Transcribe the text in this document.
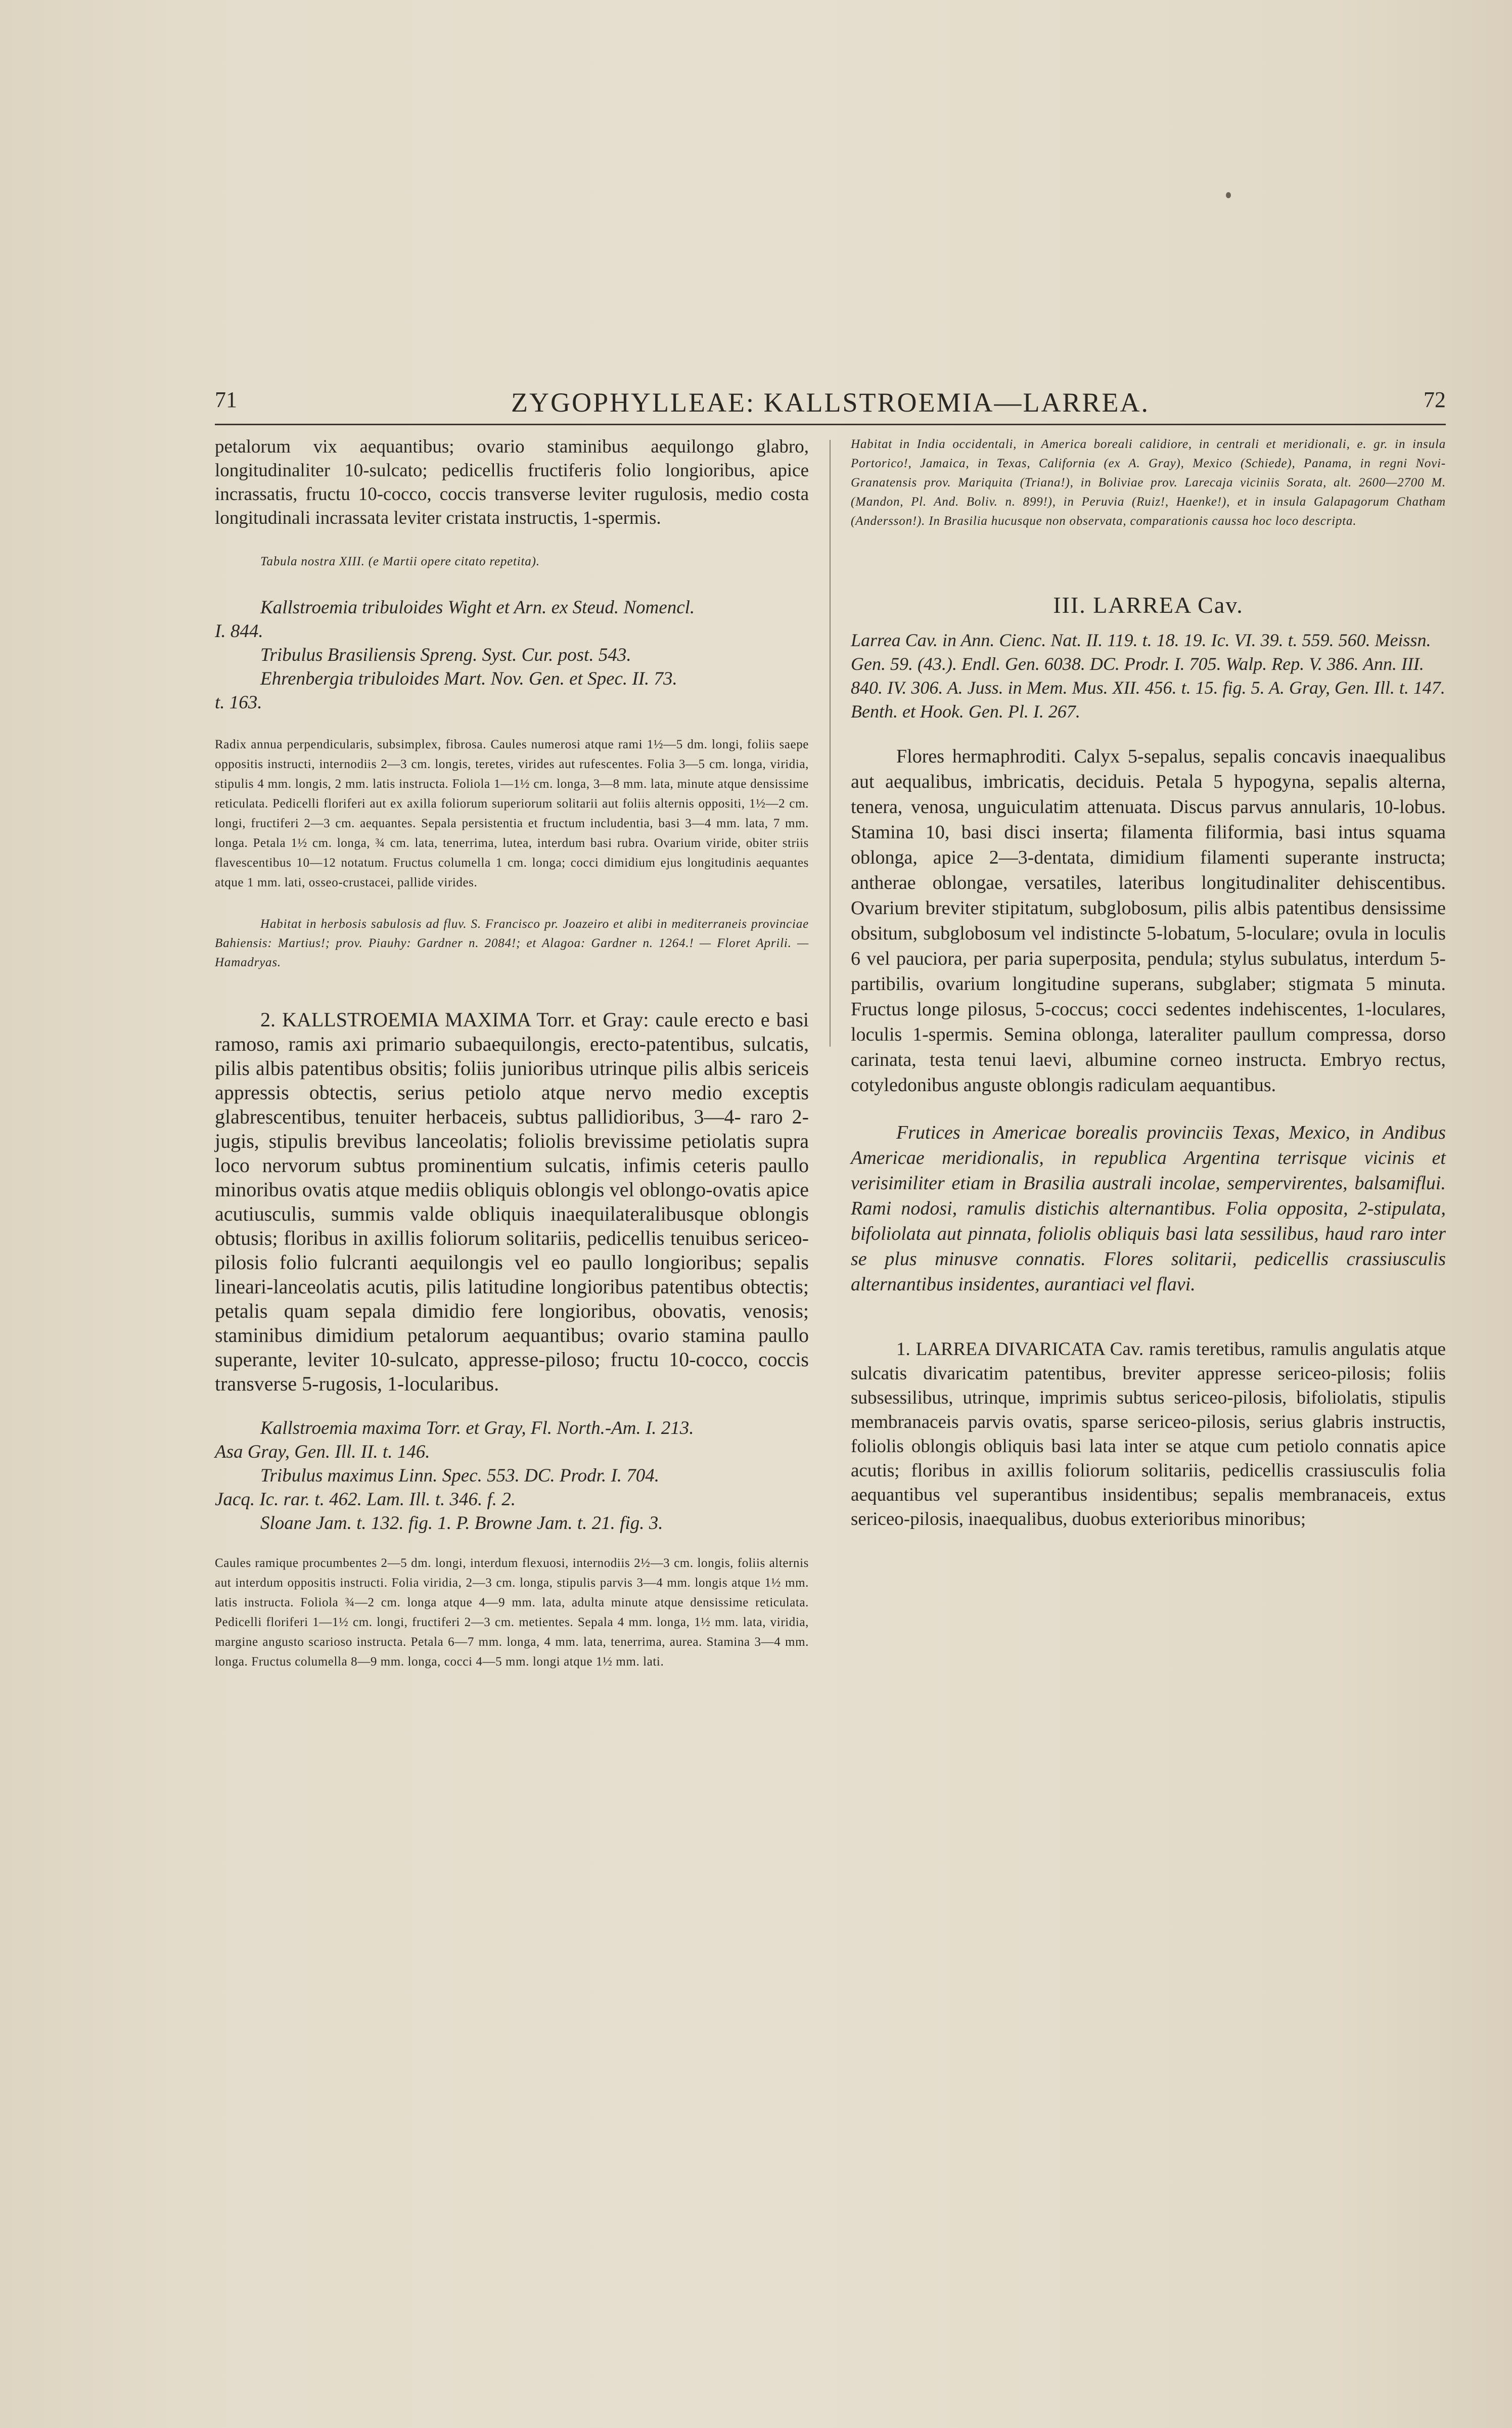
71	ZYGOPHYLLEAE: KALLSTROEMIA—LARREA.	72

petalorum vix aequantibus; ovario staminibus aequilongo glabro, longitudinaliter 10-sulcato; pedicellis fructiferis folio longioribus, apice incrassatis, fructu 10-cocco, coccis transverse leviter rugulosis, medio costa longitudinali incrassata leviter cristata instructis, 1-spermis.

Tabula nostra XIII. (e Martii opere citato repetita).

Kallstroemia tribuloides Wight et Arn. ex Steud. Nomencl.

I. 844.

Tribulus Brasiliensis Spreng. Syst. Cur. post. 543.

Ehrenbergia tribuloides Mart. Nov. Gen. et Spec. II. 73.

t. 163.

Radix annua perpendicularis, subsimplex, fibrosa. Caules numerosi atque rami 1½—5 dm. longi, foliis saepe oppositis instructi, internodiis 2—3 cm. longis, teretes, virides aut rufescentes. Folia 3—5 cm. longa, viridia, stipulis 4 mm. longis, 2 mm. latis instructa. Foliola 1—1½ cm. longa, 3—8 mm. lata, minute atque densissime reticulata. Pedicelli floriferi aut ex axilla foliorum superiorum solitarii aut foliis alternis oppositi, 1½—2 cm. longi, fructiferi 2—3 cm. aequantes. Sepala persistentia et fructum includentia, basi 3—4 mm. lata, 7 mm. longa. Petala 1½ cm. longa, ¾ cm. lata, tenerrima, lutea, interdum basi rubra. Ovarium viride, obiter striis flavescentibus 10—12 notatum. Fructus columella 1 cm. longa; cocci dimidium ejus longitudinis aequantes atque 1 mm. lati, osseo-crustacei, pallide virides.

Habitat in herbosis sabulosis ad fluv. S. Francisco pr. Joazeiro et alibi in mediterraneis provinciae Bahiensis: Martius!; prov. Piauhy: Gardner n. 2084!; et Alagoa: Gardner n. 1264.! — Floret Aprili. — Hamadryas.

2. KALLSTROEMIA MAXIMA Torr. et Gray: caule erecto e basi ramoso, ramis axi primario subaequilongis, erecto-patentibus, sulcatis, pilis albis patentibus obsitis; foliis junioribus utrinque pilis albis sericeis appressis obtectis, serius petiolo atque nervo medio exceptis glabrescentibus, tenuiter herbaceis, subtus pallidioribus, 3—4- raro 2-jugis, stipulis brevibus lanceolatis; foliolis brevissime petiolatis supra loco nervorum subtus prominentium sulcatis, infimis ceteris paullo minoribus ovatis atque mediis obliquis oblongis vel oblongo-ovatis apice acutiusculis, summis valde obliquis inaequilateralibusque oblongis obtusis; floribus in axillis foliorum solitariis, pedicellis tenuibus sericeo-pilosis folio fulcranti aequilongis vel eo paullo longioribus; sepalis lineari-lanceolatis acutis, pilis latitudine longioribus patentibus obtectis; petalis quam sepala dimidio fere longioribus, obovatis, venosis; staminibus dimidium petalorum aequantibus; ovario stamina paullo superante, leviter 10-sulcato, appresse-piloso; fructu 10-cocco, coccis transverse 5-rugosis, 1-locularibus.

Kallstroemia maxima Torr. et Gray, Fl. North.-Am. I. 213.

Asa Gray, Gen. Ill. II. t. 146.

Tribulus maximus Linn. Spec. 553. DC. Prodr. I. 704.

Jacq. Ic. rar. t. 462. Lam. Ill. t. 346. f. 2.

Sloane Jam. t. 132. fig. 1. P. Browne Jam. t. 21. fig. 3.

Caules ramique procumbentes 2—5 dm. longi, interdum flexuosi, internodiis 2½—3 cm. longis, foliis alternis aut interdum oppositis instructi. Folia viridia, 2—3 cm. longa, stipulis parvis 3—4 mm. longis atque 1½ mm. latis instructa. Foliola ¾—2 cm. longa atque 4—9 mm. lata, adulta minute atque densissime reticulata. Pedicelli floriferi 1—1½ cm. longi, fructiferi 2—3 cm. metientes. Sepala 4 mm. longa, 1½ mm. lata, viridia, margine angusto scarioso instructa. Petala 6—7 mm. longa, 4 mm. lata, tenerrima, aurea. Stamina 3—4 mm. longa. Fructus columella 8—9 mm. longa, cocci 4—5 mm. longi atque 1½ mm. lati.

Habitat in India occidentali, in America boreali calidiore, in centrali et meridionali, e. gr. in insula Portorico!, Jamaica, in Texas, California (ex A. Gray), Mexico (Schiede), Panama, in regni Novi-Granatensis prov. Mariquita (Triana!), in Boliviae prov. Larecaja viciniis Sorata, alt. 2600—2700 M. (Mandon, Pl. And. Boliv. n. 899!), in Peruvia (Ruiz!, Haenke!), et in insula Galapagorum Chatham (Andersson!). In Brasilia hucusque non observata, comparationis caussa hoc loco descripta.

III. LARREA Cav.

Larrea Cav. in Ann. Cienc. Nat. II. 119. t. 18. 19. Ic. VI. 39. t. 559. 560. Meissn. Gen. 59. (43.). Endl. Gen. 6038. DC. Prodr. I. 705. Walp. Rep. V. 386. Ann. III. 840. IV. 306. A. Juss. in Mem. Mus. XII. 456. t. 15. fig. 5. A. Gray, Gen. Ill. t. 147. Benth. et Hook. Gen. Pl. I. 267.

Flores hermaphroditi. Calyx 5-sepalus, sepalis concavis inaequalibus aut aequalibus, imbricatis, deciduis. Petala 5 hypogyna, sepalis alterna, tenera, venosa, unguiculatim attenuata. Discus parvus annularis, 10-lobus. Stamina 10, basi disci inserta; filamenta filiformia, basi intus squama oblonga, apice 2—3-dentata, dimidium filamenti superante instructa; antherae oblongae, versatiles, lateribus longitudinaliter dehiscentibus. Ovarium breviter stipitatum, subglobosum, pilis albis patentibus densissime obsitum, subglobosum vel indistincte 5-lobatum, 5-loculare; ovula in loculis 6 vel pauciora, per paria superposita, pendula; stylus subulatus, interdum 5-partibilis, ovarium longitudine superans, subglaber; stigmata 5 minuta. Fructus longe pilosus, 5-coccus; cocci sedentes indehiscentes, 1-loculares, loculis 1-spermis. Semina oblonga, lateraliter paullum compressa, dorso carinata, testa tenui laevi, albumine corneo instructa. Embryo rectus, cotyledonibus anguste oblongis radiculam aequantibus.

Frutices in Americae borealis provinciis Texas, Mexico, in Andibus Americae meridionalis, in republica Argentina terrisque vicinis et verisimiliter etiam in Brasilia australi incolae, sempervirentes, balsamiflui. Rami nodosi, ramulis distichis alternantibus. Folia opposita, 2-stipulata, bifoliolata aut pinnata, foliolis obliquis basi lata sessilibus, haud raro inter se plus minusve connatis. Flores solitarii, pedicellis crassiusculis alternantibus insidentes, aurantiaci vel flavi.

1. LARREA DIVARICATA Cav. ramis teretibus, ramulis angulatis atque sulcatis divaricatim patentibus, breviter appresse sericeo-pilosis; foliis subsessilibus, utrinque, imprimis subtus sericeo-pilosis, bifoliolatis, stipulis membranaceis parvis ovatis, sparse sericeo-pilosis, serius glabris instructis, foliolis oblongis obliquis basi lata inter se atque cum petiolo connatis apice acutis; floribus in axillis foliorum solitariis, pedicellis crassiusculis folia aequantibus vel superantibus insidentibus; sepalis membranaceis, extus sericeo-pilosis, inaequalibus, duobus exterioribus minoribus;
